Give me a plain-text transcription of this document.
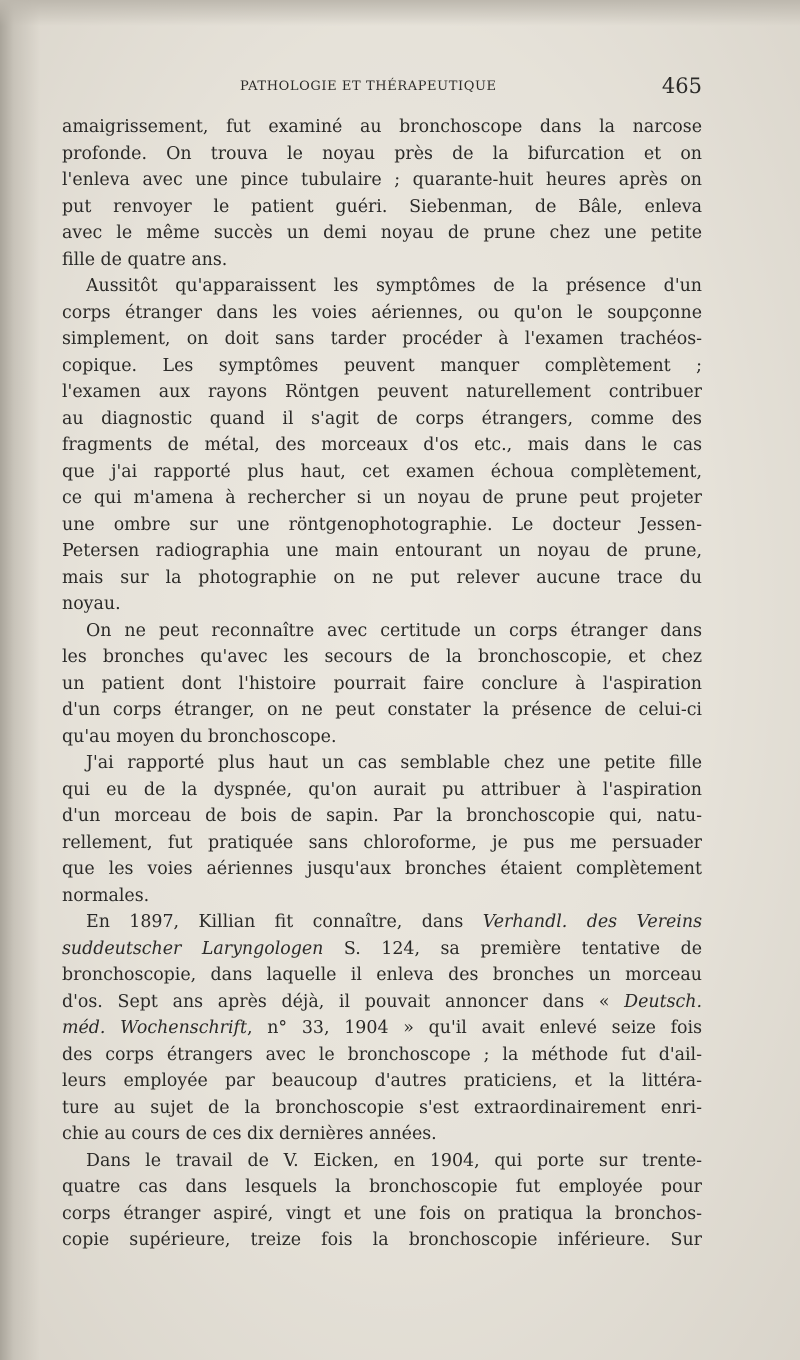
PATHOLOGIE ET THÉRAPEUTIQUE	465
amaigrissement, fut examiné au bronchoscope dans la narcose
profonde. On trouva le noyau près de la bifurcation et on
l'enleva avec une pince tubulaire ; quarante-huit heures après on
put renvoyer le patient guéri. Siebenman, de Bâle, enleva
avec le même succès un demi noyau de prune chez une petite
fille de quatre ans.
Aussitôt qu'apparaissent les symptômes de la présence d'un
corps étranger dans les voies aériennes, ou qu'on le soupçonne
simplement, on doit sans tarder procéder à l'examen trachéos-
copique. Les symptômes peuvent manquer complètement ;
l'examen aux rayons Röntgen peuvent naturellement contribuer
au diagnostic quand il s'agit de corps étrangers, comme des
fragments de métal, des morceaux d'os etc., mais dans le cas
que j'ai rapporté plus haut, cet examen échoua complètement,
ce qui m'amena à rechercher si un noyau de prune peut projeter
une ombre sur une röntgenophotographie. Le docteur Jessen-
Petersen radiographia une main entourant un noyau de prune,
mais sur la photographie on ne put relever aucune trace du
noyau.
On ne peut reconnaître avec certitude un corps étranger dans
les bronches qu'avec les secours de la bronchoscopie, et chez
un patient dont l'histoire pourrait faire conclure à l'aspiration
d'un corps étranger, on ne peut constater la présence de celui-ci
qu'au moyen du bronchoscope.
J'ai rapporté plus haut un cas semblable chez une petite fille
qui eu de la dyspnée, qu'on aurait pu attribuer à l'aspiration
d'un morceau de bois de sapin. Par la bronchoscopie qui, natu-
rellement, fut pratiquée sans chloroforme, je pus me persuader
que les voies aériennes jusqu'aux bronches étaient complètement
normales.
En 1897, Killian fit connaître, dans Verhandl. des Vereins
suddeutscher Laryngologen S. 124, sa première tentative de
bronchoscopie, dans laquelle il enleva des bronches un morceau
d'os. Sept ans après déjà, il pouvait annoncer dans « Deutsch.
méd. Wochenschrift, n° 33, 1904 » qu'il avait enlevé seize fois
des corps étrangers avec le bronchoscope ; la méthode fut d'ail-
leurs employée par beaucoup d'autres praticiens, et la littéra-
ture au sujet de la bronchoscopie s'est extraordinairement enri-
chie au cours de ces dix dernières années.
Dans le travail de V. Eicken, en 1904, qui porte sur trente-
quatre cas dans lesquels la bronchoscopie fut employée pour
corps étranger aspiré, vingt et une fois on pratiqua la bronchos-
copie supérieure, treize fois la bronchoscopie inférieure. Sur
